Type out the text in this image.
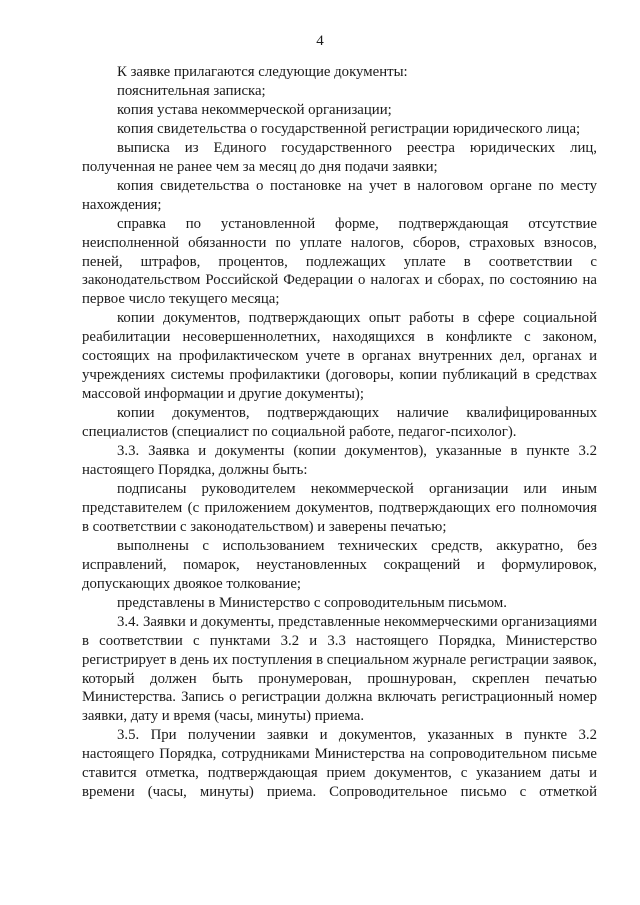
4

К заявке прилагаются следующие документы:

пояснительная записка;

копия устава некоммерческой организации;

копия свидетельства о государственной регистрации юридического лица;

выписка из Единого государственного реестра юридических лиц, полученная не ранее чем за месяц до дня подачи заявки;

копия свидетельства о постановке на учет в налоговом органе по месту нахождения;

справка по установленной форме, подтверждающая отсутствие неисполненной обязанности по уплате налогов, сборов, страховых взносов, пеней, штрафов, процентов, подлежащих уплате в соответствии с законодательством Российской Федерации о налогах и сборах, по состоянию на первое число текущего месяца;

копии документов, подтверждающих опыт работы в сфере социальной реабилитации несовершеннолетних, находящихся в конфликте с законом, состоящих на профилактическом учете в органах внутренних дел, органах и учреждениях системы профилактики (договоры, копии публикаций в средствах массовой информации и другие документы);

копии документов, подтверждающих наличие квалифицированных специалистов (специалист по социальной работе, педагог-психолог).

3.3. Заявка и документы (копии документов), указанные в пункте 3.2 настоящего Порядка, должны быть:

подписаны руководителем некоммерческой организации или иным представителем (с приложением документов, подтверждающих его полномочия в соответствии с законодательством) и заверены печатью;

выполнены с использованием технических средств, аккуратно, без исправлений, помарок, неустановленных сокращений и формулировок, допускающих двоякое толкование;

представлены в Министерство с сопроводительным письмом.

3.4. Заявки и документы, представленные некоммерческими организациями в соответствии с пунктами 3.2 и 3.3 настоящего Порядка, Министерство регистрирует в день их поступления в специальном журнале регистрации заявок, который должен быть пронумерован, прошнурован, скреплен печатью Министерства. Запись о регистрации должна включать регистрационный номер заявки, дату и время (часы, минуты) приема.

3.5. При получении заявки и документов, указанных в пункте 3.2 настоящего Порядка, сотрудниками Министерства на сопроводительном письме ставится отметка, подтверждающая прием документов, с указанием даты и времени (часы, минуты) приема. Сопроводительное письмо с отметкой
